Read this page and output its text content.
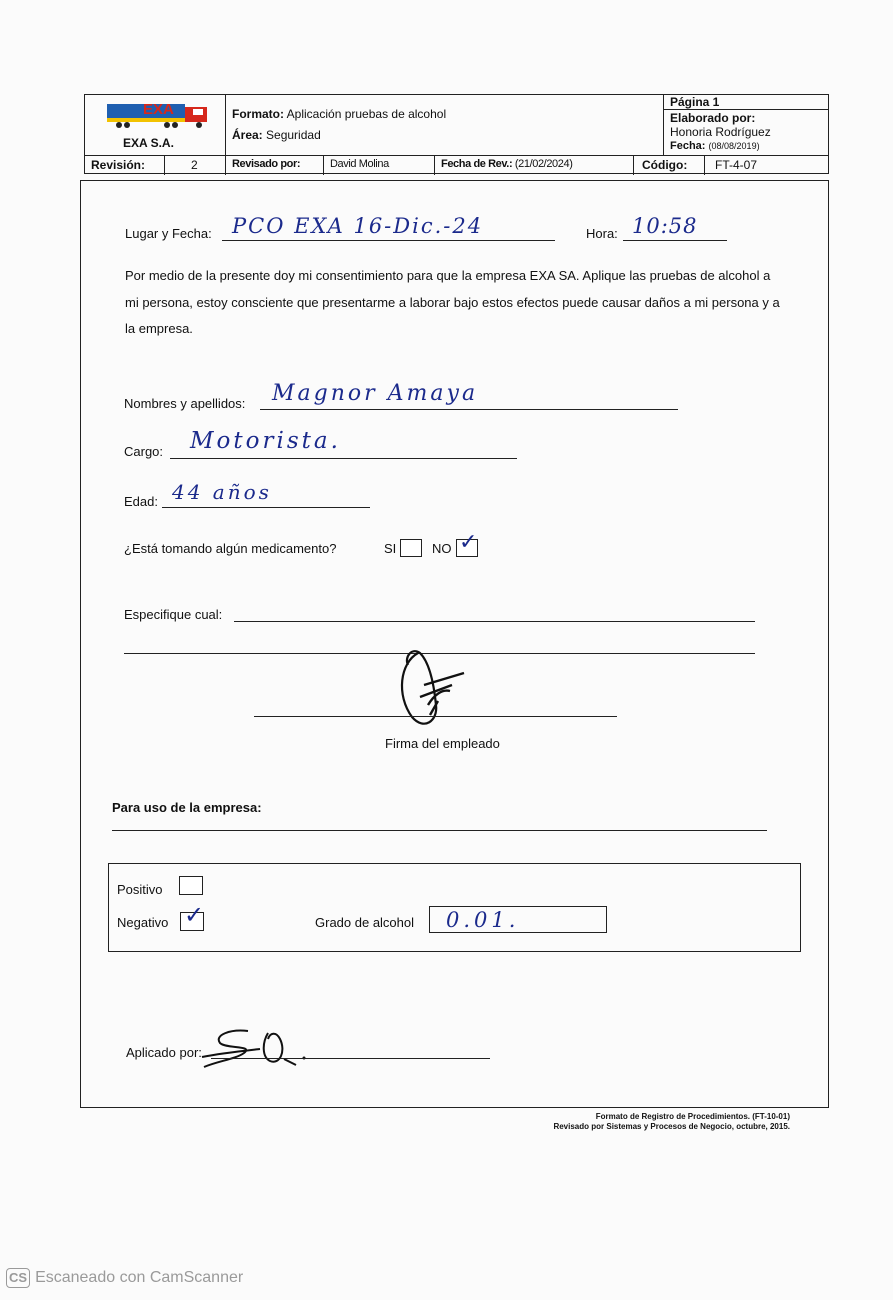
EXA
EXA S.A.
Formato: Aplicación pruebas de alcohol
Área: Seguridad
Página 1
Elaborado por:
Honoria Rodríguez
Fecha: (08/08/2019)
Revisión:	2	Revisado por:	David Molina	Fecha de Rev.: (21/02/2024)	Código:	FT-4-07
Lugar y Fecha: PCO EXA 16-Dic.-24	Hora: 10:58

Por medio de la presente doy mi consentimiento para que la empresa EXA SA. Aplique las pruebas de alcohol a mi persona, estoy consciente que presentarme a laborar bajo estos efectos puede causar daños a mi persona y a la empresa.

Nombres y apellidos: Magnor Amaya
Cargo: Motorista.
Edad: 44 años
¿Está tomando algún medicamento?	SI	NO ✓
Especifique cual:
Firma del empleado
Para uso de la empresa:
Positivo
Negativo ✓	Grado de alcohol 0.01.
Aplicado por:
Formato de Registro de Procedimientos. (FT-10-01)
Revisado por Sistemas y Procesos de Negocio, octubre, 2015.
CS Escaneado con CamScanner
